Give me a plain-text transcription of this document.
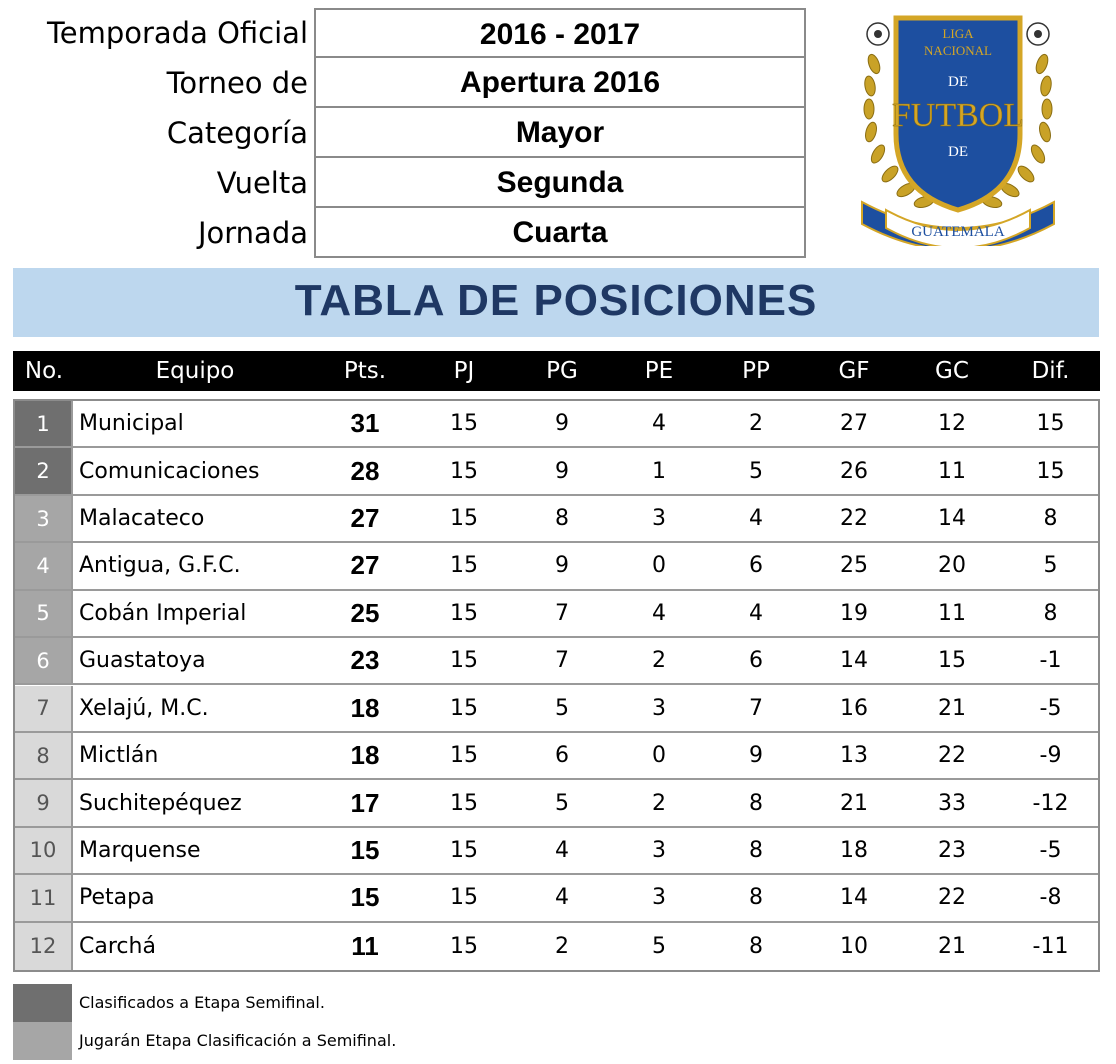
Temporada Oficial	2016 - 2017
Torneo de	Apertura 2016
Categoría	Mayor
Vuelta	Segunda
Jornada	Cuarta
LIGA
NACIONAL
DE
FUTBOL
DE
GUATEMALA
TABLA DE POSICIONES
No.	Equipo	Pts.	PJ	PG	PE	PP	GF	GC	Dif.
1	Municipal	31	15	9	4	2	27	12	15
2	Comunicaciones	28	15	9	1	5	26	11	15
3	Malacateco	27	15	8	3	4	22	14	8
4	Antigua, G.F.C.	27	15	9	0	6	25	20	5
5	Cobán Imperial	25	15	7	4	4	19	11	8
6	Guastatoya	23	15	7	2	6	14	15	-1
7	Xelajú, M.C.	18	15	5	3	7	16	21	-5
8	Mictlán	18	15	6	0	9	13	22	-9
9	Suchitepéquez	17	15	5	2	8	21	33	-12
10	Marquense	15	15	4	3	8	18	23	-5
11	Petapa	15	15	4	3	8	14	22	-8
12	Carchá	11	15	2	5	8	10	21	-11
Clasificados a Etapa Semifinal.
Jugarán Etapa Clasificación a Semifinal.
